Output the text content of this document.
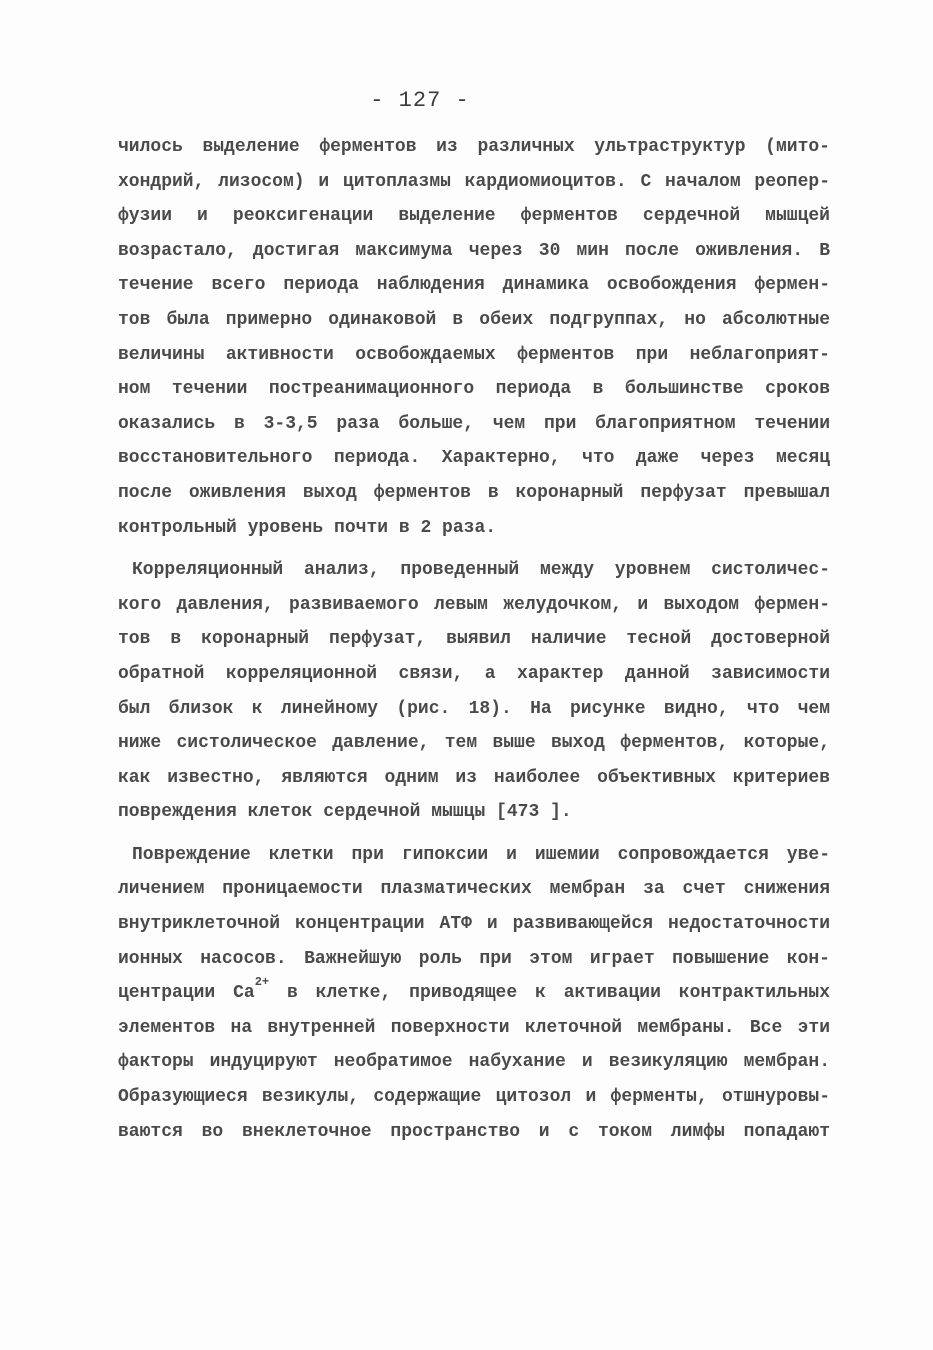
- 127 -
чилось выделение ферментов из различных ультраструктур (мито-
хондрий, лизосом) и цитоплазмы кардиомиоцитов. С началом реопер-
фузии и реоксигенации выделение ферментов сердечной мышцей
возрастало, достигая максимума через 30 мин после оживления. В
течение всего периода наблюдения динамика освобождения фермен-
тов была примерно одинаковой в обеих подгруппах, но абсолютные
величины активности освобождаемых ферментов при неблагоприят-
ном течении постреанимационного периода в большинстве сроков
оказались в 3-3,5 раза больше, чем при благоприятном течении
восстановительного периода. Характерно, что даже через месяц
после оживления выход ферментов в коронарный перфузат превышал
контрольный уровень почти в 2 раза.
Корреляционный анализ, проведенный между уровнем систоличес-
кого давления, развиваемого левым желудочком, и выходом фермен-
тов в коронарный перфузат, выявил наличие тесной достоверной
обратной корреляционной связи, а характер данной зависимости
был близок к линейному (рис. 18). На рисунке видно, что чем
ниже систолическое давление, тем выше выход ферментов, которые,
как известно, являются одним из наиболее объективных критериев
повреждения клеток сердечной мышцы [473 ].
Повреждение клетки при гипоксии и ишемии сопровождается уве-
личением проницаемости плазматических мембран за счет снижения
внутриклеточной концентрации АТФ и развивающейся недостаточности
ионных насосов. Важнейшую роль при этом играет повышение кон-
центрации $Ca^{2+}$ в клетке, приводящее к активации контрактильных
элементов на внутренней поверхности клеточной мембраны. Все эти
факторы индуцируют необратимое набухание и везикуляцию мембран.
Образующиеся везикулы, содержащие цитозол и ферменты, отшнуровы-
ваются во внеклеточное пространство и с током лимфы попадают
